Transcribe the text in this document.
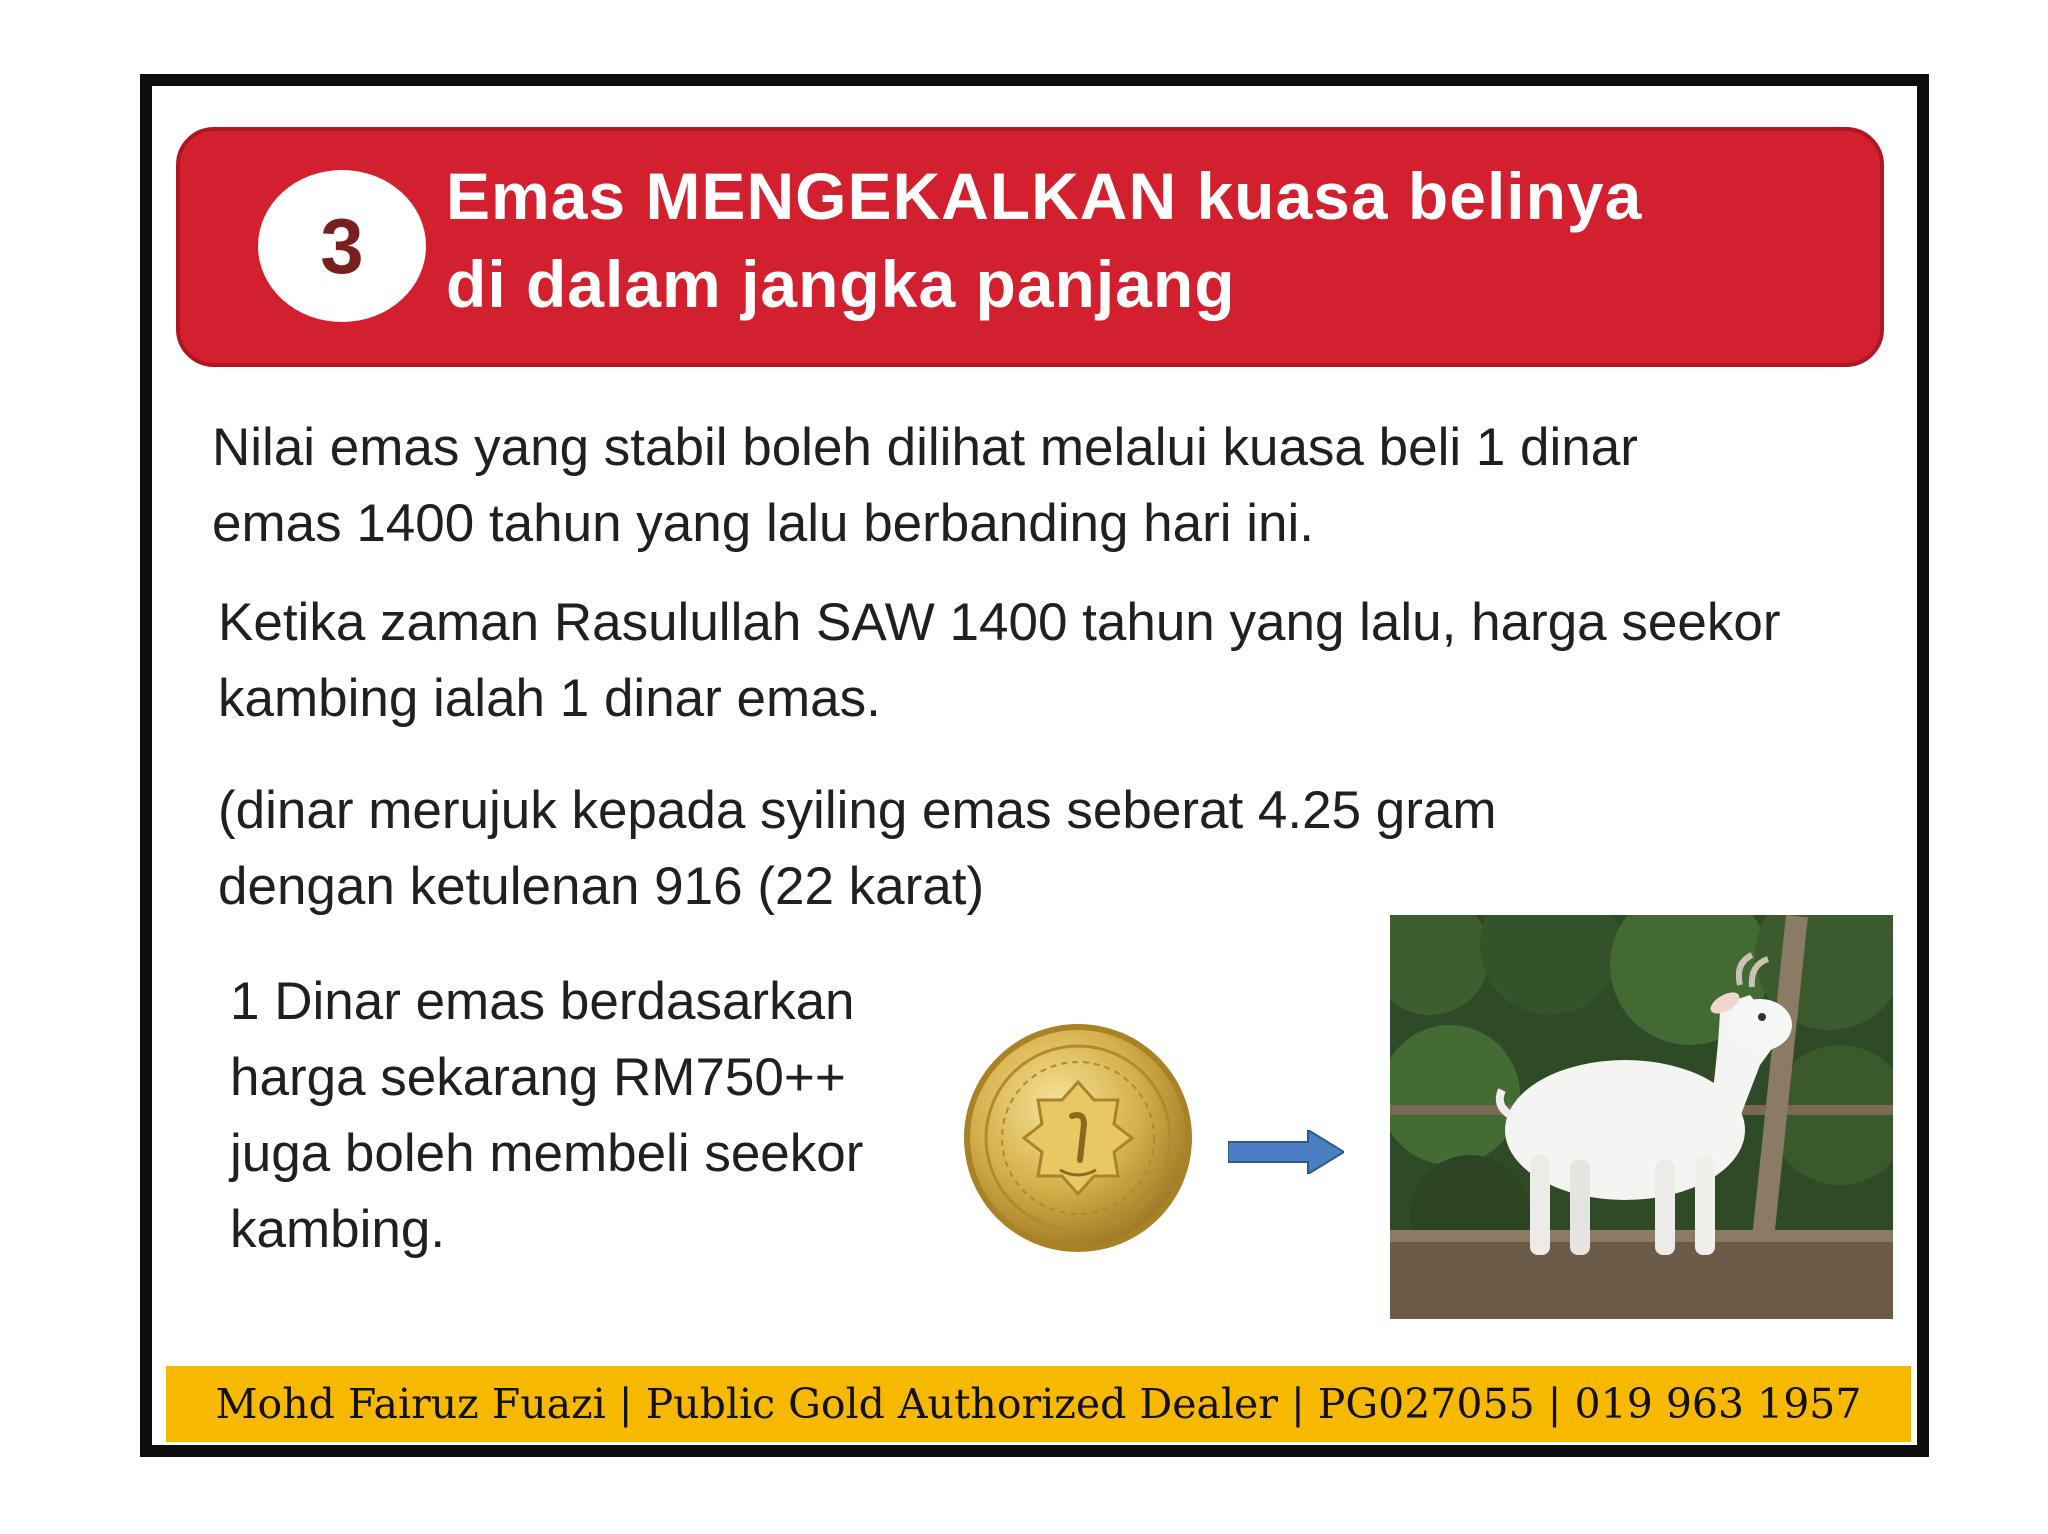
3
Emas MENGEKALKAN kuasa belinya
di dalam jangka panjang
Nilai emas yang stabil boleh dilihat melalui kuasa beli 1 dinar
emas 1400 tahun yang lalu berbanding hari ini.
Ketika zaman Rasulullah SAW 1400 tahun yang lalu, harga seekor
kambing ialah 1 dinar emas.
(dinar merujuk kepada syiling emas seberat 4.25 gram
dengan ketulenan 916 (22 karat)
1 Dinar emas berdasarkan
harga sekarang RM750++
juga boleh membeli seekor
kambing.
Mohd Fairuz Fuazi | Public Gold Authorized Dealer | PG027055 | 019 963 1957
